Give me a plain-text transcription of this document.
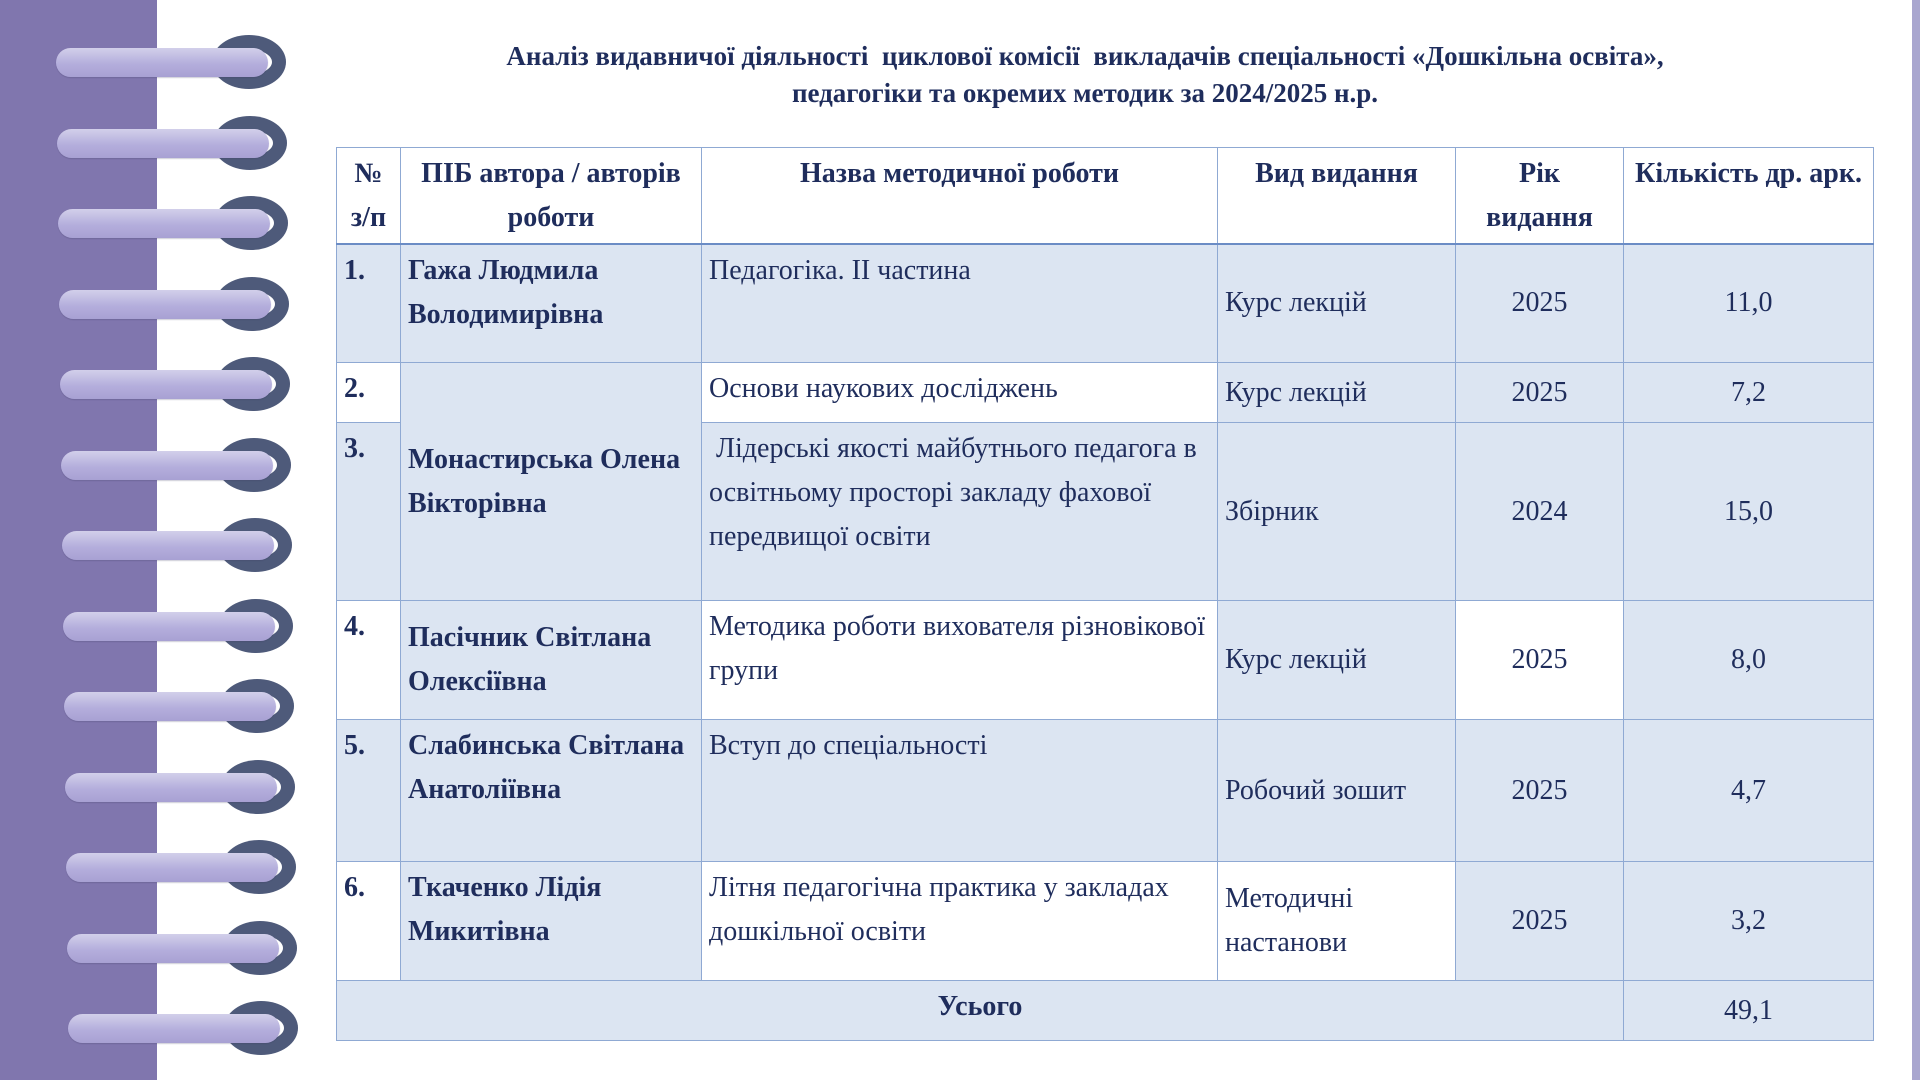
Аналіз видавничої діяльності  циклової комісії  викладачів спеціальності «Дошкільна освіта»,
педагогіки та окремих методик за 2024/2025 н.р.
№ з/п	ПІБ автора / авторів роботи	Назва методичної роботи	Вид видання	Рік видання	Кількість др. арк.
1.	Гажа Людмила Володимирівна	Педагогіка. ІІ частина	Курс лекцій	2025	11,0
2.	Монастирська Олена Вікторівна	Основи наукових досліджень	Курс лекцій	2025	7,2
3.		Лідерські якості майбутнього педагога в освітньому просторі закладу фахової передвищої освіти	Збірник	2024	15,0
4.	Пасічник Світлана Олексіївна	Методика роботи вихователя різновікової групи	Курс лекцій	2025	8,0
5.	Слабинська Світлана Анатоліївна	Вступ до спеціальності	Робочий зошит	2025	4,7
6.	Ткаченко Лідія Микитівна	Літня педагогічна практика у закладах дошкільної освіти	Методичні настанови	2025	3,2
Усього					49,1
